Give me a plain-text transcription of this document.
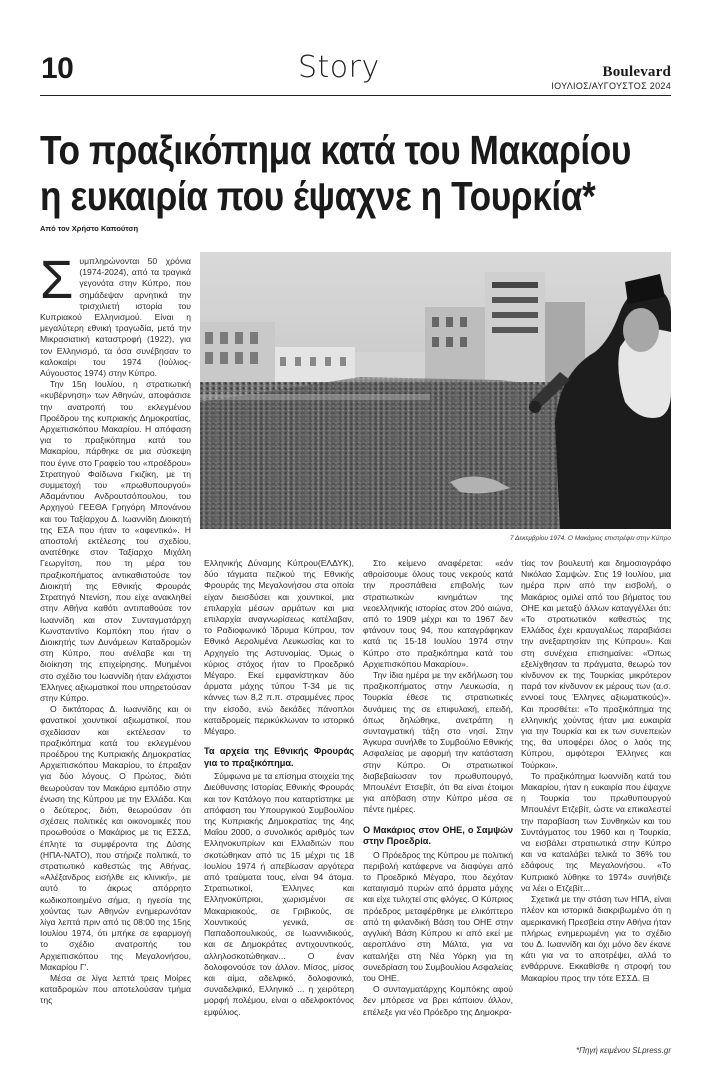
10	Story	Boulevard
ΙΟΥΛΙΟΣ/ΑΥΓΟΥΣΤΟΣ 2024
Το πραξικόπημα κατά του Μακαρίου
η ευκαιρία που έψαχνε η Τουρκία*
Από τον Χρήστο Καπούτση

Συμπληρώνονται 50 χρόνια (1974-2024), από τα τραγικά γεγονότα στην Κύπρο, που σημάδεψαν αρνητικά την τρισχιλιετή ιστορία του Κυπριακού Ελληνισμού. Είναι η μεγαλύτερη εθνική τραγωδία, μετά την Μικρασιατική καταστροφή (1922), για τον Ελληνισμό, τα όσα συνέβησαν το καλοκαίρι του 1974 (Ιούλιος- Αύγουστος 1974) στην Κύπρο.

Την 15η Ιουλίου, η στρατιωτική «κυβέρνηση» των Αθηνών, αποφάσισε την ανατροπή του εκλεγμένου Προέδρου της κυπριακής Δημοκρατίας, Αρχιεπισκόπου Μακαρίου. Η απόφαση για το πραξικόπημα κατά του Μακαρίου, πάρθηκε σε μια σύσκεψη που έγινε στο Γραφείο του «προέδρου» Στρατηγού Φαίδωνα Γκιζίκη, με τη συμμετοχή του «πρωθυπουργού» Αδαμάντιου Ανδρουτσόπουλου, του Αρχηγού ΓΕΕΘΑ Γρηγόρη Μπονάνου και του Ταξίαρχου Δ. Ιωαννίδη Διοικητή της ΕΣΑ που ήταν το «αφεντικό». Η αποστολή εκτέλεσης του σχεδίου, ανατέθηκε στον Ταξίαρχο Μιχάλη Γεωργίτση, που τη μέρα του πραξικοπήματος αντικαθιστούσε τον Διοικητή της Εθνικής Φρουράς Στρατηγό Ντενίση, που είχε ανακληθεί στην Αθήνα καθότι αντιπαθούσε τον Ιωαννίδη και στον Συνταγματάρχη Κωνσταντίνο Κομπόκη που ήταν ο Διοικητής των Δυνάμεων Καταδρομών στη Κύπρο, που ανέλαβε και τη διοίκηση της επιχείρησης. Μυημένοι στο σχέδιο του Ιωαννίδη ήταν ελάχιστοι Έλληνες αξιωματικοί που υπηρετούσαν στην Κύπρο.

Ο δικτάτορας Δ. Ιωαννίδης και οι φανατικοί χουντικοί αξιωματικοί, που σχεδίασαν και εκτέλεσαν το πραξικόπημα κατά του εκλεγμένου προέδρου της Κυπριακής Δημοκρατίας Αρχιεπισκόπου Μακαρίου, το έπραξαν για δύο λόγους. Ο Πρώτος, διότι θεωρούσαν τον Μακάριο εμπόδιο στην ένωση της Κύπρου με την Ελλάδα. Και ο δεύτερος, διότι, θεωρούσαν ότι σχέσεις πολιτικές και οικονομικές που προωθούσε ο Μακάριος με τις ΕΣΣΔ, έπλητε τα συμφέροντα της Δύσης (ΗΠΑ-ΝΑΤΟ), που στήριζε πολιτικά, το στρατιωτικό καθεστώς της Αθήνας. «Αλέξανδρος εισήλθε εις κλινική», με αυτό το άκρως απόρρητο κωδικοποιημένο σήμα, η ηγεσία της χούντας των Αθηνών ενημερωνόταν λίγα λεπτά πριν από τις 08:00 της 15ης Ιουλίου 1974, ότι μπήκε σε εφαρμογή το σχέδιο ανατροπής του Αρχιεπισκόπου της Μεγαλονήσου, Μακαρίου Γ'.

Μέσα σε λίγα λεπτά τρεις Μοίρες καταδρομών που αποτελούσαν τμήμα της

7 Δεκεμβρίου 1974. Ο Μακάριος επιστρέφει στην Κύπρο

Ελληνικής Δύναμης Κύπρου(ΕΛΔΥΚ), δύο τάγματα πεζικού της Εθνικής Φρουράς της Μεγαλονήσου στα οποία είχαν διεισδύσει και χουντικοί, μια επιλαρχία μέσων αρμάτων και μια επιλαρχία αναγνωρίσεως κατέλαβαν, το Ραδιοφωνικό Ίδρυμα Κύπρου, τον Εθνικό Αερολιμένα Λευκωσίας και το Αρχηγείο της Αστυνομίας. Όμως ο κύριος στόχος ήταν το Προεδρικό Μέγαρο. Εκεί εμφανίστηκαν δύο άρματα μάχης τύπου T-34 με τις κάννες των 8,2 π.π. στραμμένες προς την είσοδο, ενώ δεκάδες πάνοπλοι καταδρομείς περικύκλωναν το ιστορικό Μέγαρο.

Τα αρχεία της Εθνικής Φρουράς για το πραξικόπημα.

Σύμφωνα με τα επίσημα στοιχεία της Διεύθυνσης Ιστορίας Εθνικής Φρουράς και τον Κατάλογο που καταρτίστηκε με απόφαση του Υπουργικού Συμβουλίου της Κυπριακής Δημοκρατίας της 4ης Μαΐου 2000, ο συνολικός αριθμός των Ελληνοκυπρίων και Ελλαδιτών που σκοτώθηκαν από τις 15 μέχρι τις 18 Ιουλίου 1974 ή απεβίωσαν αργότερα από τραύματα τους, είναι 94 άτομα. Στρατιωτικοί, Έλληνες και Ελληνοκύπριοι, χωρισμένοι σε Μακαριακούς, σε Γριβικούς, σε Χουντικούς γενικά, σε Παπαδοπουλικούς, σε Ιωαννιδικούς, και σε Δημοκράτες αντιχουντικούς, αλληλοσκοτώθηκαν... Ο έναν δολοφονούσε τον άλλον. Μίσος, μίσος και αίμα, αδελφικό, δολοφονικό, συναδελφικό, Ελληνικό ... η χειρότερη μορφή πολέμου, είναι ο αδελφοκτόνος εμφύλιος.

Στο κείμενο αναφέρεται: «εάν αθροίσουμε όλους τους νεκρούς κατά την προσπάθεια επιβολής των στρατιωτικών κινημάτων της νεοελληνικής ιστορίας στον 20ό αιώνα, από το 1909 μέχρι και το 1967 δεν φτάνουν τους 94, που καταγράφηκαν κατά τις 15-18 Ιουλίου 1974 στην Κύπρο στο πραξικόπημα κατά του Αρχιεπισκόπου Μακαρίου».

Την ίδια ημέρα με την εκδήλωση του πραξικοπήματος στην Λευκωσία, η Τουρκία έθεσε τις στρατιωτικές δυνάμεις της σε επιφυλακή, επειδή, όπως δηλώθηκε, ανετράπη η συνταγματική τάξη στο νησί. Στην Άγκυρα συνήλθε το Συμβούλιο Εθνικής Ασφαλείας με αφορμή την κατάσταση στην Κύπρο. Οι στρατιωτικοί διαβεβαίωσαν τον πρωθυπουργό, Μπουλέντ Ετσεβίτ, ότι θα είναι έτοιμοι για απόβαση στην Κύπρο μέσα σε πέντε ημέρες.

Ο Μακάριος στον ΟΗΕ, ο Σαμψών στην Προεδρία.

Ο Πρόεδρος της Κύπρου με πολιτική περιβολή κατάφερνε να διαφύγει από το Προεδρικό Μέγαρο, που δεχόταν καταιγισμό πυρών από άρματα μάχης και είχε τυλιχτεί στις φλόγες. Ο Κύπριος πρόεδρος μεταφέρθηκε με ελικόπτερο από τη φιλανδική Βάση του ΟΗΕ στην αγγλική Βάση Κύπρου κι από εκεί με αεροπλάνο στη Μάλτα, για να καταλήξει στη Νέα Υόρκη για τη συνεδρίαση του Συμβουλίου Ασφαλείας του ΟΗΕ.

Ο συνταγματάρχης Κομπόκης αφού δεν μπόρεσε να βρει κάποιον άλλον, επέλεξε για νέο Πρόεδρο της Δημοκρα-

τίας τον βουλευτή και δημοσιογράφο Νικόλαο Σαμψών. Στις 19 Ιουλίου, μια ημέρα πριν από την εισβολή, ο Μακάριος ομιλεί από του βήματος του ΟΗΕ και μεταξύ άλλων καταγγέλλει ότι: «Το στρατιωτικόν καθεστώς της Ελλάδος έχει κραυγαλέως παραβιάσει την ανεξαρτησίαν της Κύπρου». Και στη συνέχεια επισημαίνει: «Όπως εξελίχθησαν τα πράγματα, θεωρώ τον κίνδυνον εκ της Τουρκίας μικρότερον παρά τον κίνδυνον εκ μέρους των (α.σ. εννοεί τους Έλληνες αξιωματικούς)». Και προσθέτει: «Το πραξικόπημα της ελληνικής χούντας ήταν μια ευκαιρία για την Τουρκία και εκ των συνεπειών της, θα υποφέρει όλος ο λαός της Κύπρου, αμφότεροι Έλληνες και Τούρκοι».

Το πραξικόπημα Ιωαννίδη κατά του Μακαρίου, ήταν η ευκαιρία που έψαχνε η Τουρκία του πρωθυπουργού Μπουλέντ Ετζεβίτ, ώστε να επικαλεστεί την παραβίαση των Συνθηκών και του Συντάγματος του 1960 και η Τουρκία, να εισβάλει στρατιωτικά στην Κύπρο και να καταλάβει τελικά το 36% του εδάφους της Μεγαλονήσου. «Το Κυπριακό λύθηκε το 1974» συνήθιζε να λέει ο Ετζεβίτ...

Σχετικά με την στάση των ΗΠΑ, είναι πλέον και ιστορικά διακριβωμένο ότι η αμερικανική Πρεσβεία στην Αθήνα ήταν πλήρως ενημερωμένη για το σχέδιο του Δ. Ιωαννίδη και όχι μόνο δεν έκανε κάτι για να το αποτρέψει, αλλά το ενθάρρυνε. Εκκαθίσθε η στροφή του Μακαρίου προς την τότε ΕΣΣΔ. ⊟

*Πηγή κειμένου SLpress.gr
